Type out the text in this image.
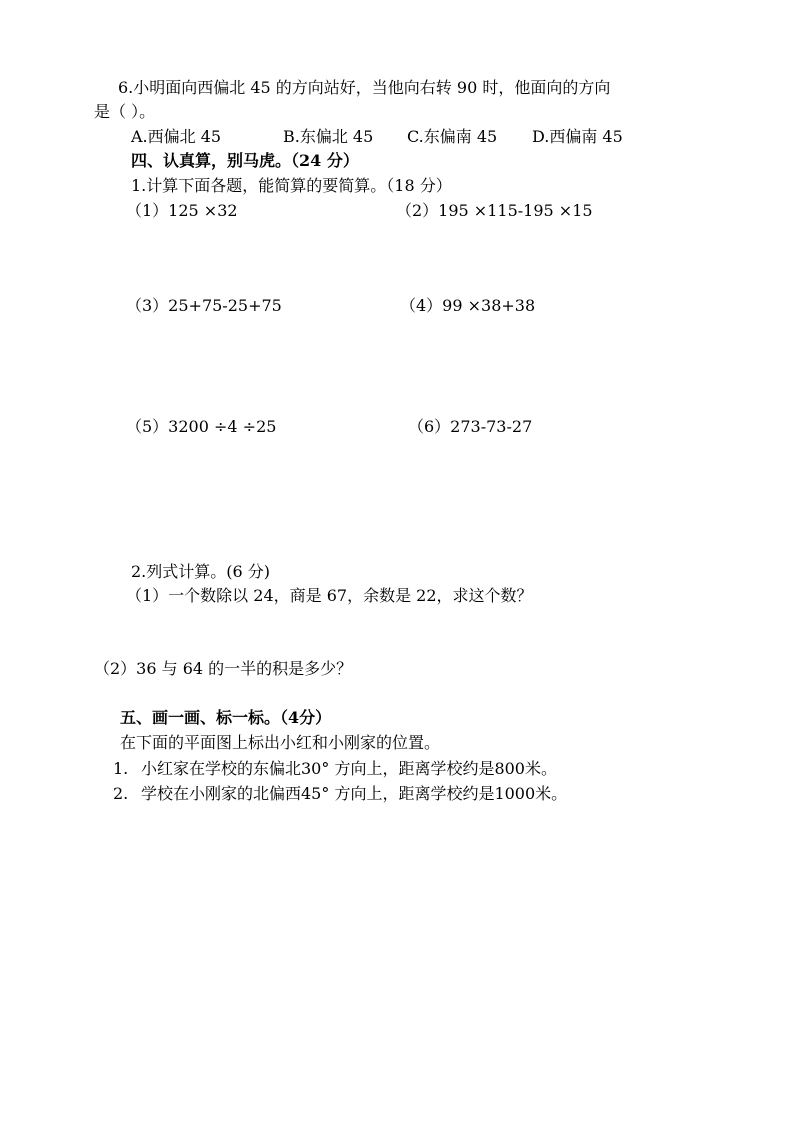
6.小明面向西偏北 45 的方向站好，当他向右转 90 时，他面向的方向
是（ ）。
A.西偏北 45	B.东偏北 45 C.东偏南 45 D.西偏南 45
四、认真算，别马虎。（24 分）
1.计算下面各题，能简算的要简算。（18 分）
（1）125 ×32	（2）195 ×115-195 ×15
（3）25+75-25+75	（4）99 ×38+38
（5）3200 ÷4 ÷25	（6）273-73-27
2.列式计算。(6 分)
（1）一个数除以 24，商是 67，余数是 22，求这个数？
（2）36 与 64 的一半的积是多少？
五、画一画、标一标。（4分）
在下面的平面图上标出小红和小刚家的位置。
1. 小红家在学校的东偏北30° 方向上，距离学校约是800米。
2. 学校在小刚家的北偏西45° 方向上，距离学校约是1000米。
